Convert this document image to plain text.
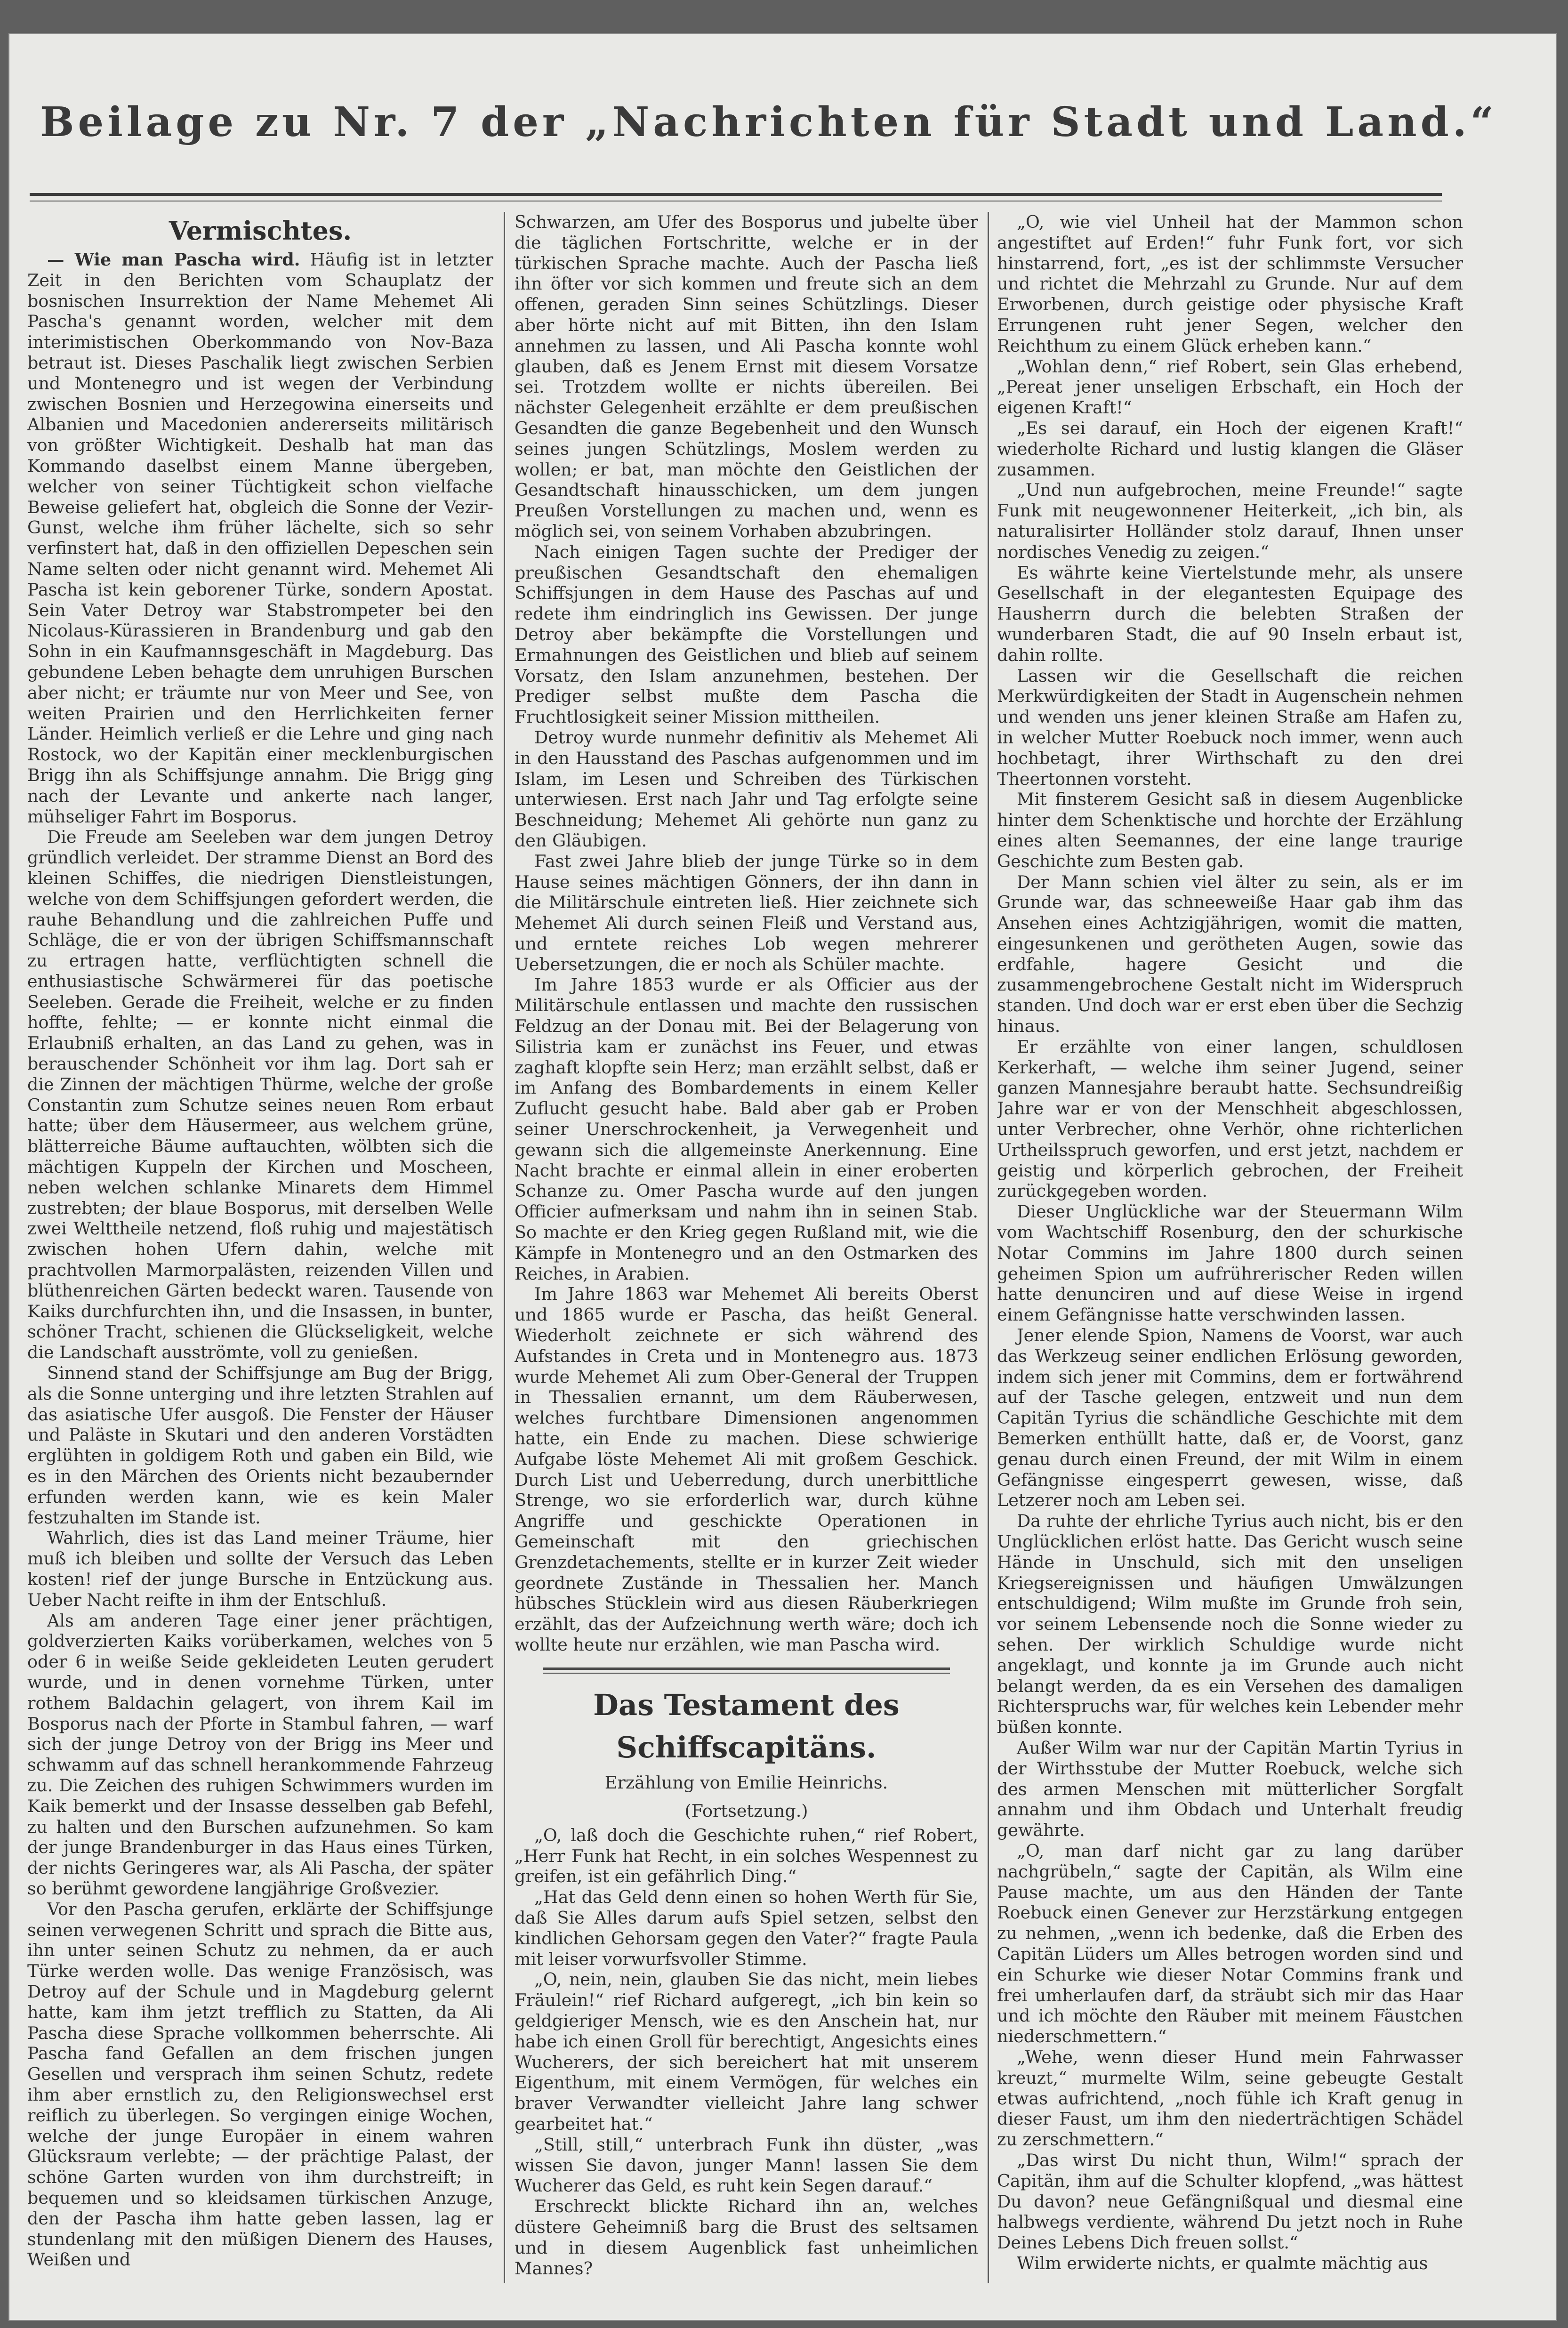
Beilage zu Nr. 7 der „Nachrichten für Stadt und Land.“

Vermischtes.

— Wie man Pascha wird. Häufig ist in letzter Zeit in den Berichten vom Schauplatz der bosnischen Insurrektion der Name Mehemet Ali Pascha's genannt worden, welcher mit dem interimistischen Oberkommando von Nov-Baza betraut ist. Dieses Paschalik liegt zwischen Serbien und Montenegro und ist wegen der Verbindung zwischen Bosnien und Herzegowina einerseits und Albanien und Macedonien andererseits militärisch von größter Wichtigkeit. Deshalb hat man das Kommando daselbst einem Manne übergeben, welcher von seiner Tüchtigkeit schon vielfache Beweise geliefert hat, obgleich die Sonne der Vezir-Gunst, welche ihm früher lächelte, sich so sehr verfinstert hat, daß in den offiziellen Depeschen sein Name selten oder nicht genannt wird. Mehemet Ali Pascha ist kein geborener Türke, sondern Apostat. Sein Vater Detroy war Stabstrompeter bei den Nicolaus-Kürassieren in Brandenburg und gab den Sohn in ein Kaufmannsgeschäft in Magdeburg. Das gebundene Leben behagte dem unruhigen Burschen aber nicht; er träumte nur von Meer und See, von weiten Prairien und den Herrlichkeiten ferner Länder. Heimlich verließ er die Lehre und ging nach Rostock, wo der Kapitän einer mecklenburgischen Brigg ihn als Schiffsjunge annahm. Die Brigg ging nach der Levante und ankerte nach langer, mühseliger Fahrt im Bosporus.

Die Freude am Seeleben war dem jungen Detroy gründlich verleidet. Der stramme Dienst an Bord des kleinen Schiffes, die niedrigen Dienstleistungen, welche von dem Schiffsjungen gefordert werden, die rauhe Behandlung und die zahlreichen Puffe und Schläge, die er von der übrigen Schiffsmannschaft zu ertragen hatte, verflüchtigten schnell die enthusiastische Schwärmerei für das poetische Seeleben. Gerade die Freiheit, welche er zu finden hoffte, fehlte; — er konnte nicht einmal die Erlaubniß erhalten, an das Land zu gehen, was in berauschender Schönheit vor ihm lag. Dort sah er die Zinnen der mächtigen Thürme, welche der große Constantin zum Schutze seines neuen Rom erbaut hatte; über dem Häusermeer, aus welchem grüne, blätterreiche Bäume auftauchten, wölbten sich die mächtigen Kuppeln der Kirchen und Moscheen, neben welchen schlanke Minarets dem Himmel zustrebten; der blaue Bosporus, mit derselben Welle zwei Welttheile netzend, floß ruhig und majestätisch zwischen hohen Ufern dahin, welche mit prachtvollen Marmorpalästen, reizenden Villen und blüthenreichen Gärten bedeckt waren. Tausende von Kaiks durchfurchten ihn, und die Insassen, in bunter, schöner Tracht, schienen die Glückseligkeit, welche die Landschaft ausströmte, voll zu genießen.

Sinnend stand der Schiffsjunge am Bug der Brigg, als die Sonne unterging und ihre letzten Strahlen auf das asiatische Ufer ausgoß. Die Fenster der Häuser und Paläste in Skutari und den anderen Vorstädten erglühten in goldigem Roth und gaben ein Bild, wie es in den Märchen des Orients nicht bezaubernder erfunden werden kann, wie es kein Maler festzuhalten im Stande ist.

Wahrlich, dies ist das Land meiner Träume, hier muß ich bleiben und sollte der Versuch das Leben kosten! rief der junge Bursche in Entzückung aus. Ueber Nacht reifte in ihm der Entschluß.

Als am anderen Tage einer jener prächtigen, goldverzierten Kaiks vorüberkamen, welches von 5 oder 6 in weiße Seide gekleideten Leuten gerudert wurde, und in denen vornehme Türken, unter rothem Baldachin gelagert, von ihrem Kail im Bosporus nach der Pforte in Stambul fahren, — warf sich der junge Detroy von der Brigg ins Meer und schwamm auf das schnell herankommende Fahrzeug zu. Die Zeichen des ruhigen Schwimmers wurden im Kaik bemerkt und der Insasse desselben gab Befehl, zu halten und den Burschen aufzunehmen. So kam der junge Brandenburger in das Haus eines Türken, der nichts Geringeres war, als Ali Pascha, der später so berühmt gewordene langjährige Großvezier.

Vor den Pascha gerufen, erklärte der Schiffsjunge seinen verwegenen Schritt und sprach die Bitte aus, ihn unter seinen Schutz zu nehmen, da er auch Türke werden wolle. Das wenige Französisch, was Detroy auf der Schule und in Magdeburg gelernt hatte, kam ihm jetzt trefflich zu Statten, da Ali Pascha diese Sprache vollkommen beherrschte. Ali Pascha fand Gefallen an dem frischen jungen Gesellen und versprach ihm seinen Schutz, redete ihm aber ernstlich zu, den Religionswechsel erst reiflich zu überlegen. So vergingen einige Wochen, welche der junge Europäer in einem wahren Glücksraum verlebte; — der prächtige Palast, der schöne Garten wurden von ihm durchstreift; in bequemen und so kleidsamen türkischen Anzuge, den der Pascha ihm hatte geben lassen, lag er stundenlang mit den müßigen Dienern des Hauses, Weißen und

Schwarzen, am Ufer des Bosporus und jubelte über die täglichen Fortschritte, welche er in der türkischen Sprache machte. Auch der Pascha ließ ihn öfter vor sich kommen und freute sich an dem offenen, geraden Sinn seines Schützlings. Dieser aber hörte nicht auf mit Bitten, ihn den Islam annehmen zu lassen, und Ali Pascha konnte wohl glauben, daß es Jenem Ernst mit diesem Vorsatze sei. Trotzdem wollte er nichts übereilen. Bei nächster Gelegenheit erzählte er dem preußischen Gesandten die ganze Begebenheit und den Wunsch seines jungen Schützlings, Moslem werden zu wollen; er bat, man möchte den Geistlichen der Gesandtschaft hinausschicken, um dem jungen Preußen Vorstellungen zu machen und, wenn es möglich sei, von seinem Vorhaben abzubringen.

Nach einigen Tagen suchte der Prediger der preußischen Gesandtschaft den ehemaligen Schiffsjungen in dem Hause des Paschas auf und redete ihm eindringlich ins Gewissen. Der junge Detroy aber bekämpfte die Vorstellungen und Ermahnungen des Geistlichen und blieb auf seinem Vorsatz, den Islam anzunehmen, bestehen. Der Prediger selbst mußte dem Pascha die Fruchtlosigkeit seiner Mission mittheilen.

Detroy wurde nunmehr definitiv als Mehemet Ali in den Hausstand des Paschas aufgenommen und im Islam, im Lesen und Schreiben des Türkischen unterwiesen. Erst nach Jahr und Tag erfolgte seine Beschneidung; Mehemet Ali gehörte nun ganz zu den Gläubigen.

Fast zwei Jahre blieb der junge Türke so in dem Hause seines mächtigen Gönners, der ihn dann in die Militärschule eintreten ließ. Hier zeichnete sich Mehemet Ali durch seinen Fleiß und Verstand aus, und erntete reiches Lob wegen mehrerer Uebersetzungen, die er noch als Schüler machte.

Im Jahre 1853 wurde er als Officier aus der Militärschule entlassen und machte den russischen Feldzug an der Donau mit. Bei der Belagerung von Silistria kam er zunächst ins Feuer, und etwas zaghaft klopfte sein Herz; man erzählt selbst, daß er im Anfang des Bombardements in einem Keller Zuflucht gesucht habe. Bald aber gab er Proben seiner Unerschrockenheit, ja Verwegenheit und gewann sich die allgemeinste Anerkennung. Eine Nacht brachte er einmal allein in einer eroberten Schanze zu. Omer Pascha wurde auf den jungen Officier aufmerksam und nahm ihn in seinen Stab. So machte er den Krieg gegen Rußland mit, wie die Kämpfe in Montenegro und an den Ostmarken des Reiches, in Arabien.

Im Jahre 1863 war Mehemet Ali bereits Oberst und 1865 wurde er Pascha, das heißt General. Wiederholt zeichnete er sich während des Aufstandes in Creta und in Montenegro aus. 1873 wurde Mehemet Ali zum Ober-General der Truppen in Thessalien ernannt, um dem Räuberwesen, welches furchtbare Dimensionen angenommen hatte, ein Ende zu machen. Diese schwierige Aufgabe löste Mehemet Ali mit großem Geschick. Durch List und Ueberredung, durch unerbittliche Strenge, wo sie erforderlich war, durch kühne Angriffe und geschickte Operationen in Gemeinschaft mit den griechischen Grenzdetachements, stellte er in kurzer Zeit wieder geordnete Zustände in Thessalien her. Manch hübsches Stücklein wird aus diesen Räuberkriegen erzählt, das der Aufzeichnung werth wäre; doch ich wollte heute nur erzählen, wie man Pascha wird.

Das Testament des Schiffscapitäns.

Erzählung von Emilie Heinrichs.

(Fortsetzung.)

„O, laß doch die Geschichte ruhen,“ rief Robert, „Herr Funk hat Recht, in ein solches Wespennest zu greifen, ist ein gefährlich Ding.“

„Hat das Geld denn einen so hohen Werth für Sie, daß Sie Alles darum aufs Spiel setzen, selbst den kindlichen Gehorsam gegen den Vater?“ fragte Paula mit leiser vorwurfsvoller Stimme.

„O, nein, nein, glauben Sie das nicht, mein liebes Fräulein!“ rief Richard aufgeregt, „ich bin kein so geldgieriger Mensch, wie es den Anschein hat, nur habe ich einen Groll für berechtigt, Angesichts eines Wucherers, der sich bereichert hat mit unserem Eigenthum, mit einem Vermögen, für welches ein braver Verwandter vielleicht Jahre lang schwer gearbeitet hat.“

„Still, still,“ unterbrach Funk ihn düster, „was wissen Sie davon, junger Mann! lassen Sie dem Wucherer das Geld, es ruht kein Segen darauf.“

Erschreckt blickte Richard ihn an, welches düstere Geheimniß barg die Brust des seltsamen und in diesem Augenblick fast unheimlichen Mannes?

„O, wie viel Unheil hat der Mammon schon angestiftet auf Erden!“ fuhr Funk fort, vor sich hinstarrend, fort, „es ist der schlimmste Versucher und richtet die Mehrzahl zu Grunde. Nur auf dem Erworbenen, durch geistige oder physische Kraft Errungenen ruht jener Segen, welcher den Reichthum zu einem Glück erheben kann.“

„Wohlan denn,“ rief Robert, sein Glas erhebend, „Pereat jener unseligen Erbschaft, ein Hoch der eigenen Kraft!“

„Es sei darauf, ein Hoch der eigenen Kraft!“ wiederholte Richard und lustig klangen die Gläser zusammen.

„Und nun aufgebrochen, meine Freunde!“ sagte Funk mit neugewonnener Heiterkeit, „ich bin, als naturalisirter Holländer stolz darauf, Ihnen unser nordisches Venedig zu zeigen.“

Es währte keine Viertelstunde mehr, als unsere Gesellschaft in der elegantesten Equipage des Hausherrn durch die belebten Straßen der wunderbaren Stadt, die auf 90 Inseln erbaut ist, dahin rollte.

Lassen wir die Gesellschaft die reichen Merkwürdigkeiten der Stadt in Augenschein nehmen und wenden uns jener kleinen Straße am Hafen zu, in welcher Mutter Roebuck noch immer, wenn auch hochbetagt, ihrer Wirthschaft zu den drei Theertonnen vorsteht.

Mit finsterem Gesicht saß in diesem Augenblicke hinter dem Schenktische und horchte der Erzählung eines alten Seemannes, der eine lange traurige Geschichte zum Besten gab.

Der Mann schien viel älter zu sein, als er im Grunde war, das schneeweiße Haar gab ihm das Ansehen eines Achtzigjährigen, womit die matten, eingesunkenen und gerötheten Augen, sowie das erdfahle, hagere Gesicht und die zusammengebrochene Gestalt nicht im Widerspruch standen. Und doch war er erst eben über die Sechzig hinaus.

Er erzählte von einer langen, schuldlosen Kerkerhaft, — welche ihm seiner Jugend, seiner ganzen Mannesjahre beraubt hatte. Sechsundreißig Jahre war er von der Menschheit abgeschlossen, unter Verbrecher, ohne Verhör, ohne richterlichen Urtheilsspruch geworfen, und erst jetzt, nachdem er geistig und körperlich gebrochen, der Freiheit zurückgegeben worden.

Dieser Unglückliche war der Steuermann Wilm vom Wachtschiff Rosenburg, den der schurkische Notar Commins im Jahre 1800 durch seinen geheimen Spion um aufrührerischer Reden willen hatte denunciren und auf diese Weise in irgend einem Gefängnisse hatte verschwinden lassen.

Jener elende Spion, Namens de Voorst, war auch das Werkzeug seiner endlichen Erlösung geworden, indem sich jener mit Commins, dem er fortwährend auf der Tasche gelegen, entzweit und nun dem Capitän Tyrius die schändliche Geschichte mit dem Bemerken enthüllt hatte, daß er, de Voorst, ganz genau durch einen Freund, der mit Wilm in einem Gefängnisse eingesperrt gewesen, wisse, daß Letzerer noch am Leben sei.

Da ruhte der ehrliche Tyrius auch nicht, bis er den Unglücklichen erlöst hatte. Das Gericht wusch seine Hände in Unschuld, sich mit den unseligen Kriegsereignissen und häufigen Umwälzungen entschuldigend; Wilm mußte im Grunde froh sein, vor seinem Lebensende noch die Sonne wieder zu sehen. Der wirklich Schuldige wurde nicht angeklagt, und konnte ja im Grunde auch nicht belangt werden, da es ein Versehen des damaligen Richterspruchs war, für welches kein Lebender mehr büßen konnte.

Außer Wilm war nur der Capitän Martin Tyrius in der Wirthsstube der Mutter Roebuck, welche sich des armen Menschen mit mütterlicher Sorgfalt annahm und ihm Obdach und Unterhalt freudig gewährte.

„O, man darf nicht gar zu lang darüber nachgrübeln,“ sagte der Capitän, als Wilm eine Pause machte, um aus den Händen der Tante Roebuck einen Genever zur Herzstärkung entgegen zu nehmen, „wenn ich bedenke, daß die Erben des Capitän Lüders um Alles betrogen worden sind und ein Schurke wie dieser Notar Commins frank und frei umherlaufen darf, da sträubt sich mir das Haar und ich möchte den Räuber mit meinem Fäustchen niederschmettern.“

„Wehe, wenn dieser Hund mein Fahrwasser kreuzt,“ murmelte Wilm, seine gebeugte Gestalt etwas aufrichtend, „noch fühle ich Kraft genug in dieser Faust, um ihm den niederträchtigen Schädel zu zerschmettern.“

„Das wirst Du nicht thun, Wilm!“ sprach der Capitän, ihm auf die Schulter klopfend, „was hättest Du davon? neue Gefängnißqual und diesmal eine halbwegs verdiente, während Du jetzt noch in Ruhe Deines Lebens Dich freuen sollst.“

Wilm erwiderte nichts, er qualmte mächtig aus
